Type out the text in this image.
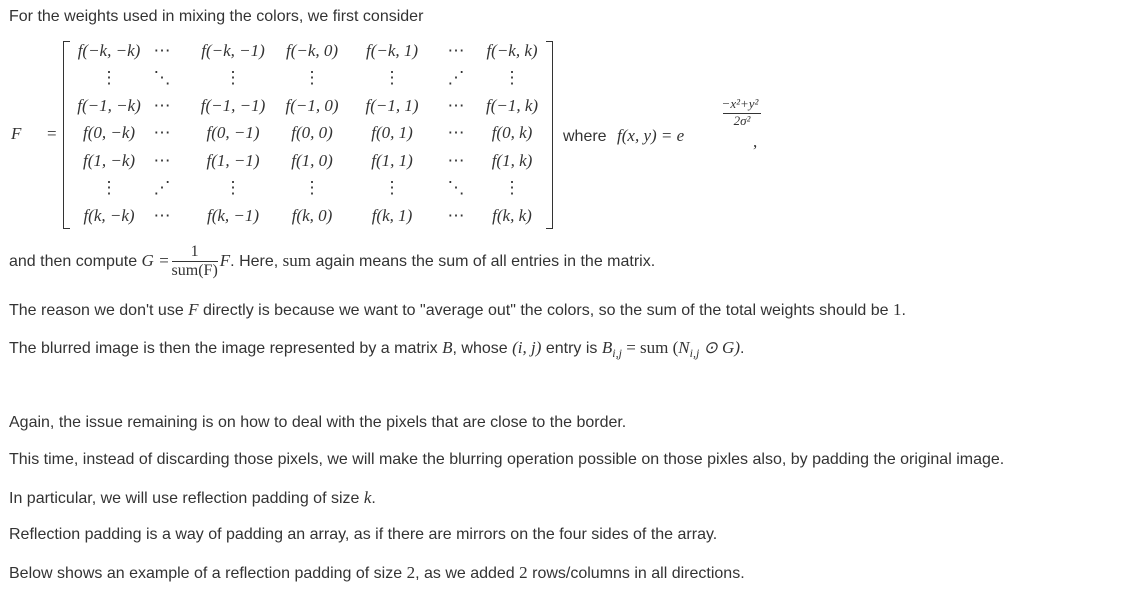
For the weights used in mixing the colors, we first consider
F =
f(−k, −k) ⋯	f(−k, −1)	f(−k, 0)	f(−k, 1)	⋯	f(−k, k)
⋮	⋱	⋮	⋮	⋮	⋰	⋮
f(−1, −k) ⋯	f(−1, −1)	f(−1, 0)	f(−1, 1)	⋯	f(−1, k)
f(0, −k)	⋯	f(0, −1)	f(0, 0)	f(0, 1)	⋯	f(0, k)
f(1, −k)	⋯	f(1, −1)	f(1, 0)	f(1, 1)	⋯	f(1, k)
⋮	⋰	⋮	⋮	⋮	⋱	⋮
f(k, −k)	⋯	f(k, −1)	f(k, 0)	f(k, 1)	⋯	f(k, k)
where f(x, y) = e
−x²+y²
2σ²
,
and then compute $G = \frac{1}{\text{sum(F)}} F$. Here, sum again means the sum of all entries in the matrix.
The reason we don't use F directly is because we want to "average out" the colors, so the sum of the total weights should be 1.
The blurred image is then the image represented by a matrix B, whose (i, j) entry is $B_{i,j}$ = sum ($N_{i,j}$ ⊙ G).
Again, the issue remaining is on how to deal with the pixels that are close to the border.
This time, instead of discarding those pixels, we will make the blurring operation possible on those pixles also, by padding the original image.
In particular, we will use reflection padding of size k.
Reflection padding is a way of padding an array, as if there are mirrors on the four sides of the array.
Below shows an example of a reflection padding of size 2, as we added 2 rows/columns in all directions.
